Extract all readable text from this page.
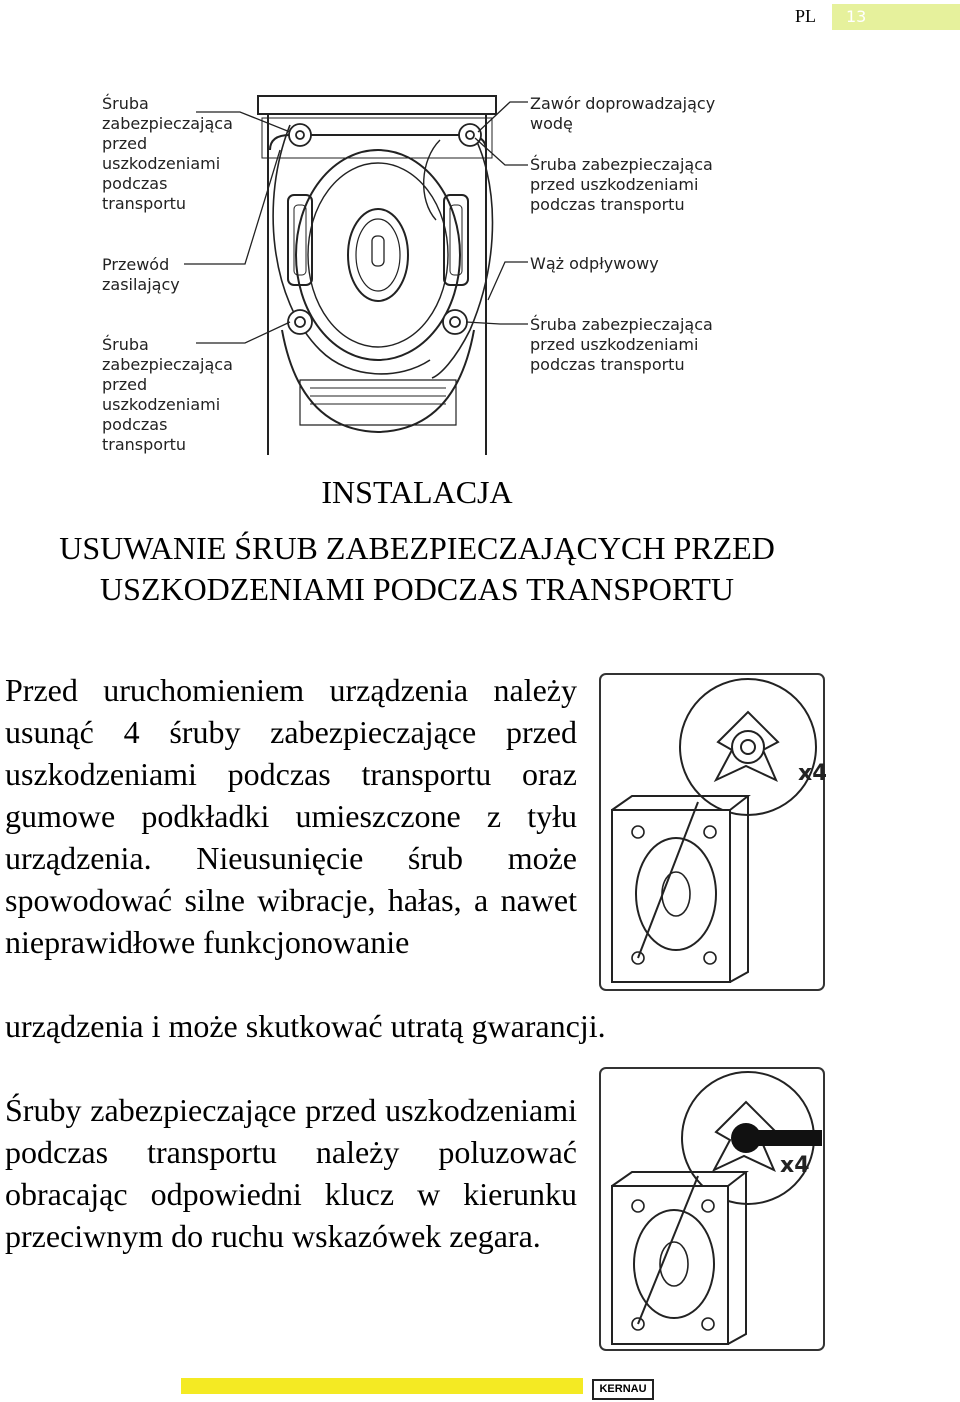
PL	13
Śruba
zabezpieczająca
przed
uszkodzeniami
podczas
transportu
Przewód
zasilający
Śruba
zabezpieczająca
przed
uszkodzeniami
podczas
transportu
Zawór doprowadzający
wodę
Śruba zabezpieczająca
przed uszkodzeniami
podczas transportu
Wąż odpływowy
Śruba zabezpieczająca
przed uszkodzeniami
podczas transportu
INSTALACJA
USUWANIE ŚRUB ZABEZPIECZAJĄCYCH PRZED USZKODZENIAMI PODCZAS TRANSPORTU
Przed uruchomieniem urządzenia należy usunąć 4 śruby zabezpieczające przed uszkodzeniami podczas transportu oraz gumowe podkładki umieszczone z tyłu urządzenia. Nieusunięcie śrub może spowodować silne wibracje, hałas, a nawet nieprawidłowe funkcjonowanie
urządzenia i może skutkować utratą gwarancji.
x4
Śruby zabezpieczające przed uszkodzeniami podczas transportu należy poluzować obracając odpowiedni klucz w kierunku przeciwnym do ruchu wskazówek zegara.
x4
KERNAU
